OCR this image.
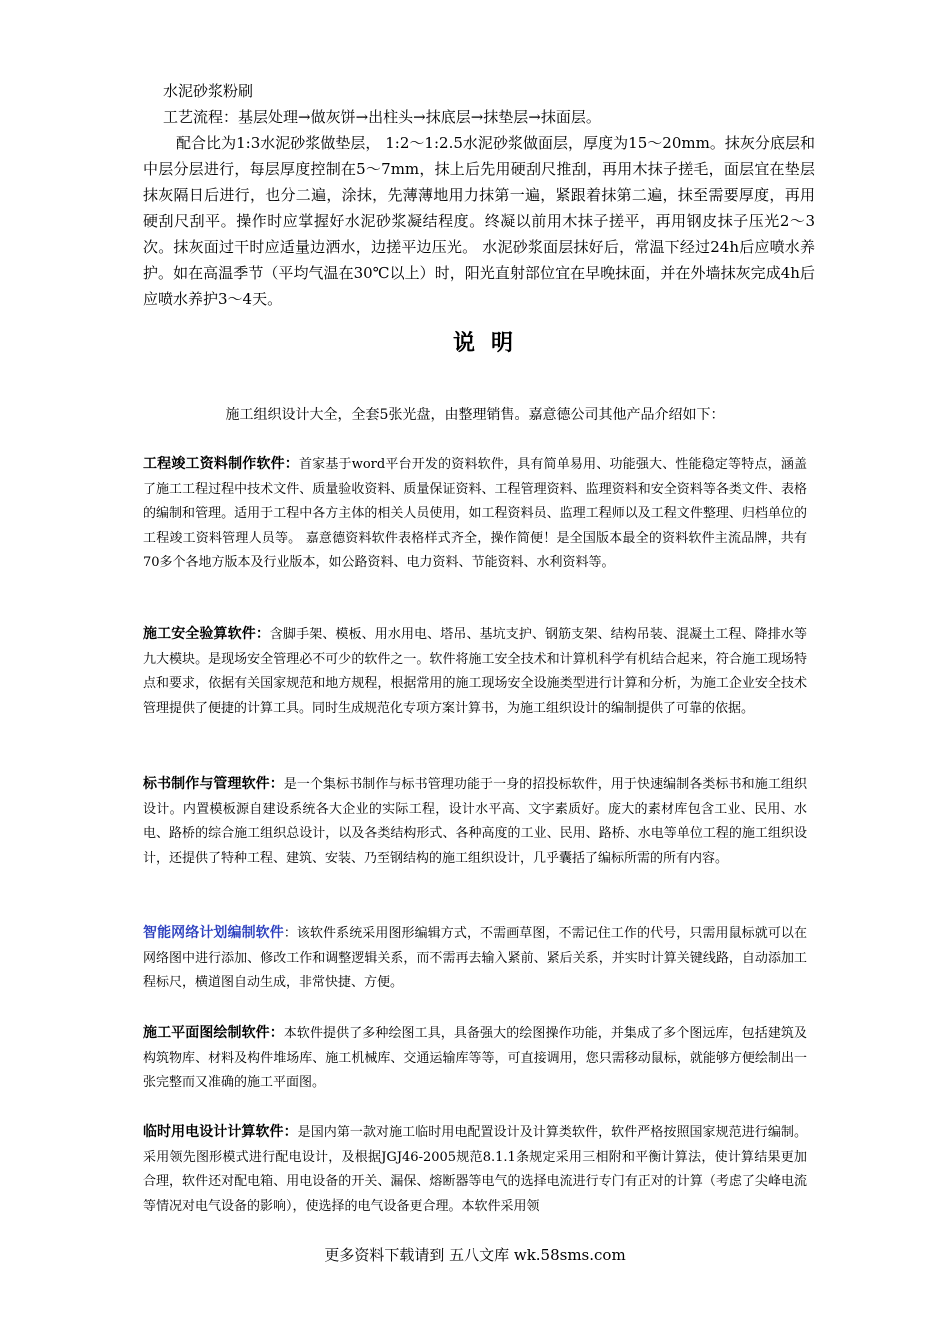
水泥砂浆粉刷

工艺流程：基层处理→做灰饼→出柱头→抹底层→抹垫层→抹面层。

配合比为1:3水泥砂浆做垫层， 1:2～1:2.5水泥砂浆做面层，厚度为15～20mm。抹灰分底层和中层分层进行，每层厚度控制在5～7mm，抹上后先用硬刮尺推刮，再用木抹子搓毛，面层宜在垫层抹灰隔日后进行，也分二遍，涂抹，先薄薄地用力抹第一遍，紧跟着抹第二遍，抹至需要厚度，再用硬刮尺刮平。操作时应掌握好水泥砂浆凝结程度。终凝以前用木抹子搓平，再用钢皮抹子压光2～3次。抹灰面过干时应适量边洒水，边搓平边压光。 水泥砂浆面层抹好后，常温下经过24h后应喷水养护。如在高温季节（平均气温在30℃以上）时，阳光直射部位宜在早晚抹面，并在外墙抹灰完成4h后应喷水养护3～4天。

说明

施工组织设计大全，全套5张光盘，由整理销售。嘉意德公司其他产品介绍如下：

工程竣工资料制作软件：首家基于word平台开发的资料软件，具有简单易用、功能强大、性能稳定等特点，涵盖了施工工程过程中技术文件、质量验收资料、质量保证资料、工程管理资料、监理资料和安全资料等各类文件、表格的编制和管理。适用于工程中各方主体的相关人员使用，如工程资料员、监理工程师以及工程文件整理、归档单位的工程竣工资料管理人员等。 嘉意德资料软件表格样式齐全，操作简便！是全国版本最全的资料软件主流品牌，共有70多个各地方版本及行业版本，如公路资料、电力资料、节能资料、水利资料等。

施工安全验算软件：含脚手架、模板、用水用电、塔吊、基坑支护、钢筋支架、结构吊装、混凝土工程、降排水等九大模块。是现场安全管理必不可少的软件之一。软件将施工安全技术和计算机科学有机结合起来，符合施工现场特点和要求，依据有关国家规范和地方规程，根据常用的施工现场安全设施类型进行计算和分析，为施工企业安全技术管理提供了便捷的计算工具。同时生成规范化专项方案计算书，为施工组织设计的编制提供了可靠的依据。

标书制作与管理软件：是一个集标书制作与标书管理功能于一身的招投标软件，用于快速编制各类标书和施工组织设计。内置模板源自建设系统各大企业的实际工程，设计水平高、文字素质好。庞大的素材库包含工业、民用、水电、路桥的综合施工组织总设计，以及各类结构形式、各种高度的工业、民用、路桥、水电等单位工程的施工组织设计，还提供了特种工程、建筑、安装、乃至钢结构的施工组织设计，几乎囊括了编标所需的所有内容。

智能网络计划编制软件：该软件系统采用图形编辑方式，不需画草图，不需记住工作的代号，只需用鼠标就可以在网络图中进行添加、修改工作和调整逻辑关系，而不需再去输入紧前、紧后关系，并实时计算关键线路，自动添加工程标尺，横道图自动生成，非常快捷、方便。

施工平面图绘制软件：本软件提供了多种绘图工具，具备强大的绘图操作功能，并集成了多个图远库，包括建筑及构筑物库、材料及构件堆场库、施工机械库、交通运输库等等，可直接调用，您只需移动鼠标，就能够方便绘制出一张完整而又准确的施工平面图。

临时用电设计计算软件：是国内第一款对施工临时用电配置设计及计算类软件，软件严格按照国家规范进行编制。采用领先图形模式进行配电设计，及根据JGJ46-2005规范8.1.1条规定采用三相附和平衡计算法，使计算结果更加合理，软件还对配电箱、用电设备的开关、漏保、熔断器等电气的选择电流进行专门有正对的计算（考虑了尖峰电流等情况对电气设备的影响），使选择的电气设备更合理。本软件采用领

更多资料下载请到 五八文库 wk.58sms.com
